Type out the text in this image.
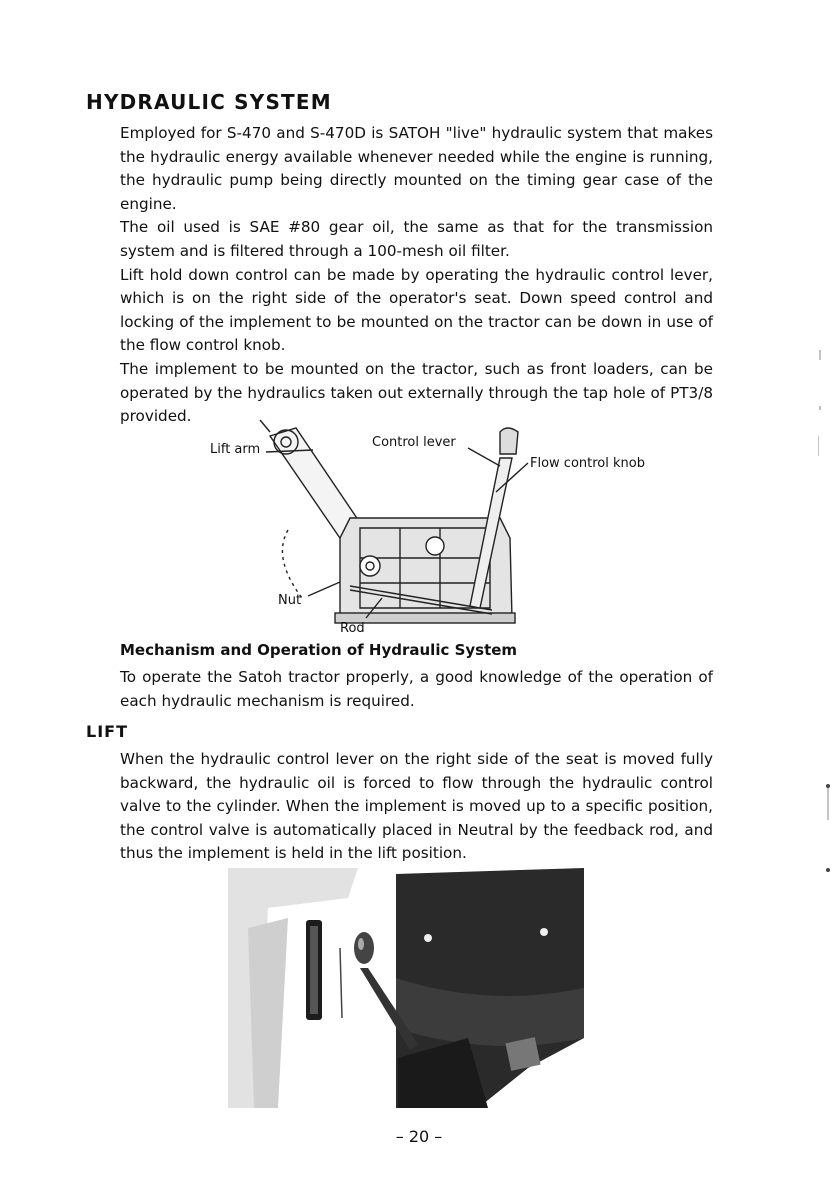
HYDRAULIC SYSTEM

Employed for S-470 and S-470D is SATOH "live" hydraulic system that makes the hydraulic energy available whenever needed while the engine is running, the hydraulic pump being directly mounted on the timing gear case of the engine.

The oil used is SAE #80 gear oil, the same as that for the transmission system and is filtered through a 100-mesh oil filter.

Lift hold down control can be made by operating the hydraulic control lever, which is on the right side of the operator's seat. Down speed control and locking of the implement to be mounted on the tractor can be down in use of the flow control knob.

The implement to be mounted on the tractor, such as front loaders, can be operated by the hydraulics taken out externally through the tap hole of PT3/8 provided.

Lift arm	Control lever
Flow control knob
Nut
Rod
Mechanism and Operation of Hydraulic System

To operate the Satoh tractor properly, a good knowledge of the operation of each hydraulic mechanism is required.

LIFT

When the hydraulic control lever on the right side of the seat is moved fully backward, the hydraulic oil is forced to flow through the hydraulic control valve to the cylinder. When the implement is moved up to a specific position, the control valve is automatically placed in Neutral by the feedback rod, and thus the implement is held in the lift position.

– 20 –
